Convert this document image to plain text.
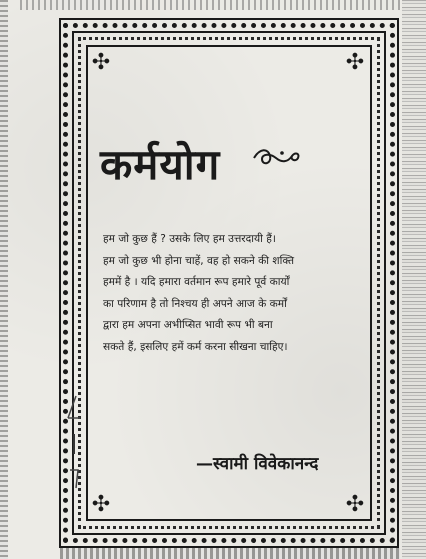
✣	✣
✣	✣
कर्मयोग
हम जो कुछ हैं ? उसके लिए हम उत्तरदायी हैं।
हम जो कुछ भी होना चाहें, वह हो सकने की शक्ति
हममें है । यदि हमारा वर्तमान रूप हमारे पूर्व कार्यों
का परिणाम है तो निश्चय ही अपने आज के कर्मों
द्वारा हम अपना अभीप्सित भावी रूप भी बना
सकते हैं, इसलिए हमें कर्म करना सीखना चाहिए।
—स्वामी विवेकानन्द
